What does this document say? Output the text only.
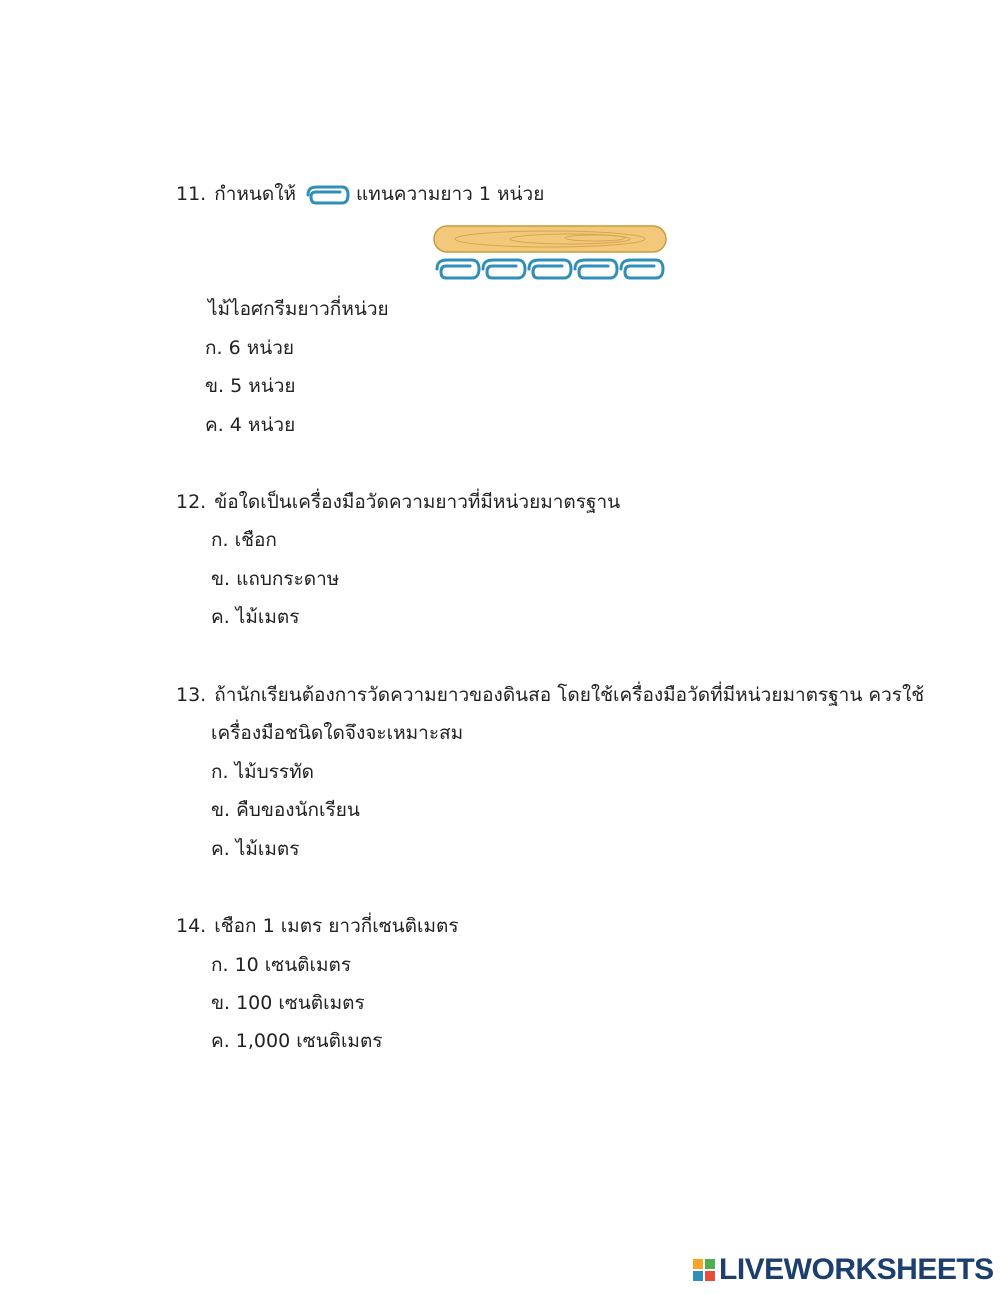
11. กำหนดให้	แทนความยาว 1 หน่วย
ไม้ไอศกรีมยาวกี่หน่วย
ก. 6 หน่วย
ข. 5 หน่วย
ค. 4 หน่วย
12. ข้อใดเป็นเครื่องมือวัดความยาวที่มีหน่วยมาตรฐาน
ก. เชือก
ข. แถบกระดาษ
ค. ไม้เมตร
13. ถ้านักเรียนต้องการวัดความยาวของดินสอ โดยใช้เครื่องมือวัดที่มีหน่วยมาตรฐาน ควรใช้
เครื่องมือชนิดใดจึงจะเหมาะสม
ก. ไม้บรรทัด
ข. คืบของนักเรียน
ค. ไม้เมตร
14. เชือก 1 เมตร ยาวกี่เซนติเมตร
ก. 10 เซนติเมตร
ข. 100 เซนติเมตร
ค. 1,000 เซนติเมตร
LIVEWORKSHEETS
